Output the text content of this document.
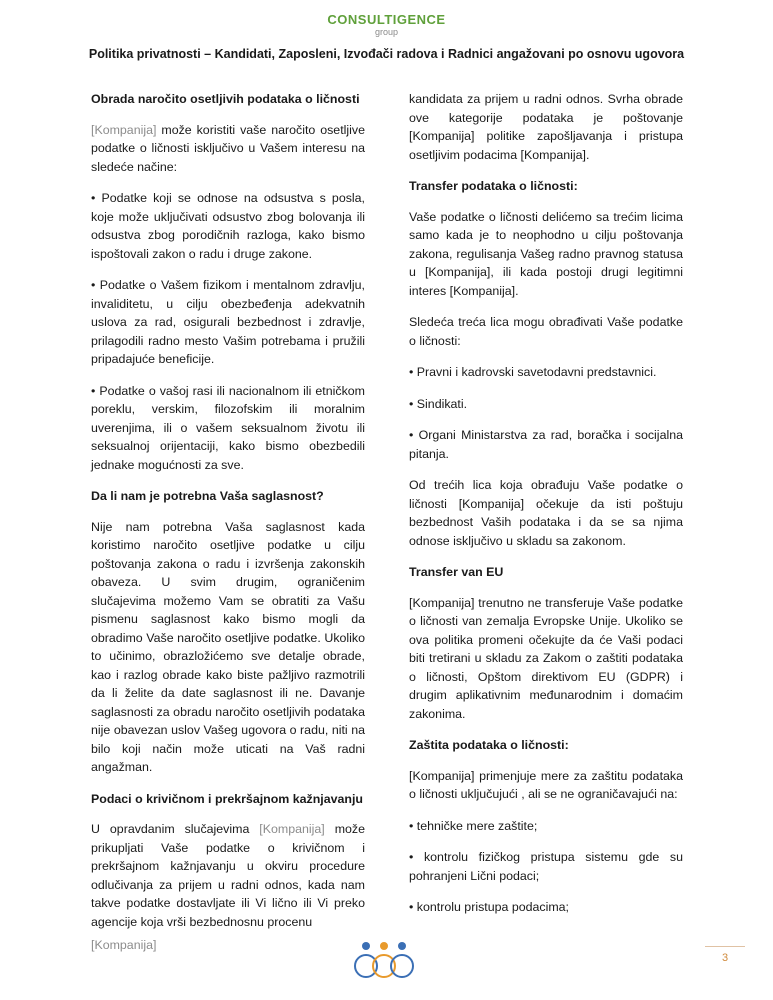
CONSULTIGENCE
group
Politika privatnosti – Kandidati, Zaposleni, Izvođači radova i Radnici angažovani po osnovu ugovora
Obrada naročito osetljivih podataka o ličnosti

[Kompanija] može koristiti vaše naročito osetljive podatke o ličnosti isključivo u Vašem interesu na sledeće načine:

• Podatke koji se odnose na odsustva s posla, koje može uključivati odsustvo zbog bolovanja ili odsustva zbog porodičnih razloga, kako bismo ispoštovali zakon o radu i druge zakone.

• Podatke o Vašem fizikom i mentalnom zdravlju, invaliditetu, u cilju obezbeđenja adekvatnih uslova za rad, osigurali bezbednost i zdravlje, prilagodili radno mesto Vašim potrebama i pružili pripadajuće beneficije.

• Podatke o vašoj rasi ili nacionalnom ili etničkom poreklu, verskim, filozofskim ili moralnim uverenjima, ili o vašem seksualnom životu ili seksualnoj orijentaciji, kako bismo obezbedili jednake mogućnosti za sve.

Da li nam je potrebna Vaša saglasnost?

Nije nam potrebna Vaša saglasnost kada koristimo naročito osetljive podatke u cilju poštovanja zakona o radu i izvršenja zakonskih obaveza. U svim drugim, ograničenim slučajevima možemo Vam se obratiti za Vašu pismenu saglasnost kako bismo mogli da obradimo Vaše naročito osetljive podatke. Ukoliko to učinimo, obrazložićemo sve detalje obrade, kao i razlog obrade kako biste pažljivo razmotrili da li želite da date saglasnost ili ne. Davanje saglasnosti za obradu naročito osetljivih podataka nije obavezan uslov Vašeg ugovora o radu, niti na bilo koji način može uticati na Vaš radni angažman.

Podaci o krivičnom i prekršajnom kažnjavanju

U opravdanim slučajevima [Kompanija] može prikupljati Vaše podatke o krivičnom i prekršajnom kažnjavanju u okviru procedure odlučivanja za prijem u radni odnos, kada nam takve podatke dostavljate ili Vi lično ili Vi preko agencije koja vrši bezbednosnu procenu

kandidata za prijem u radni odnos. Svrha obrade ove kategorije podataka je poštovanje [Kompanija] politike zapošljavanja i pristupa osetljivim podacima [Kompanija].

Transfer podataka o ličnosti:

Vaše podatke o ličnosti delićemo sa trećim licima samo kada je to neophodno u cilju poštovanja zakona, regulisanja Vašeg radno pravnog statusa u [Kompanija], ili kada postoji drugi legitimni interes [Kompanija].

Sledeća treća lica mogu obrađivati Vaše podatke o ličnosti:

• Pravni i kadrovski savetodavni predstavnici.

• Sindikati.

• Organi Ministarstva za rad, boračka i socijalna pitanja.

Od trećih lica koja obrađuju Vaše podatke o ličnosti [Kompanija] očekuje da isti poštuju bezbednost Vaših podataka i da se sa njima odnose isključivo u skladu sa zakonom.

Transfer van EU

[Kompanija] trenutno ne transferuje Vaše podatke o ličnosti van zemalja Evropske Unije. Ukoliko se ova politika promeni očekujte da će Vaši podaci biti tretirani u skladu za Zakom o zaštiti podataka o ličnosti, Opštom direktivom EU (GDPR) i drugim aplikativnim međunarodnim i domaćim zakonima.

Zaštita podataka o ličnosti:

[Kompanija] primenjuje mere za zaštitu podataka o ličnosti uključujući , ali se ne ograničavajući na:

• tehničke mere zaštite;

• kontrolu fizičkog pristupa sistemu gde su pohranjeni Lični podaci;

• kontrolu pristupa podacima;

[Kompanija]
3
